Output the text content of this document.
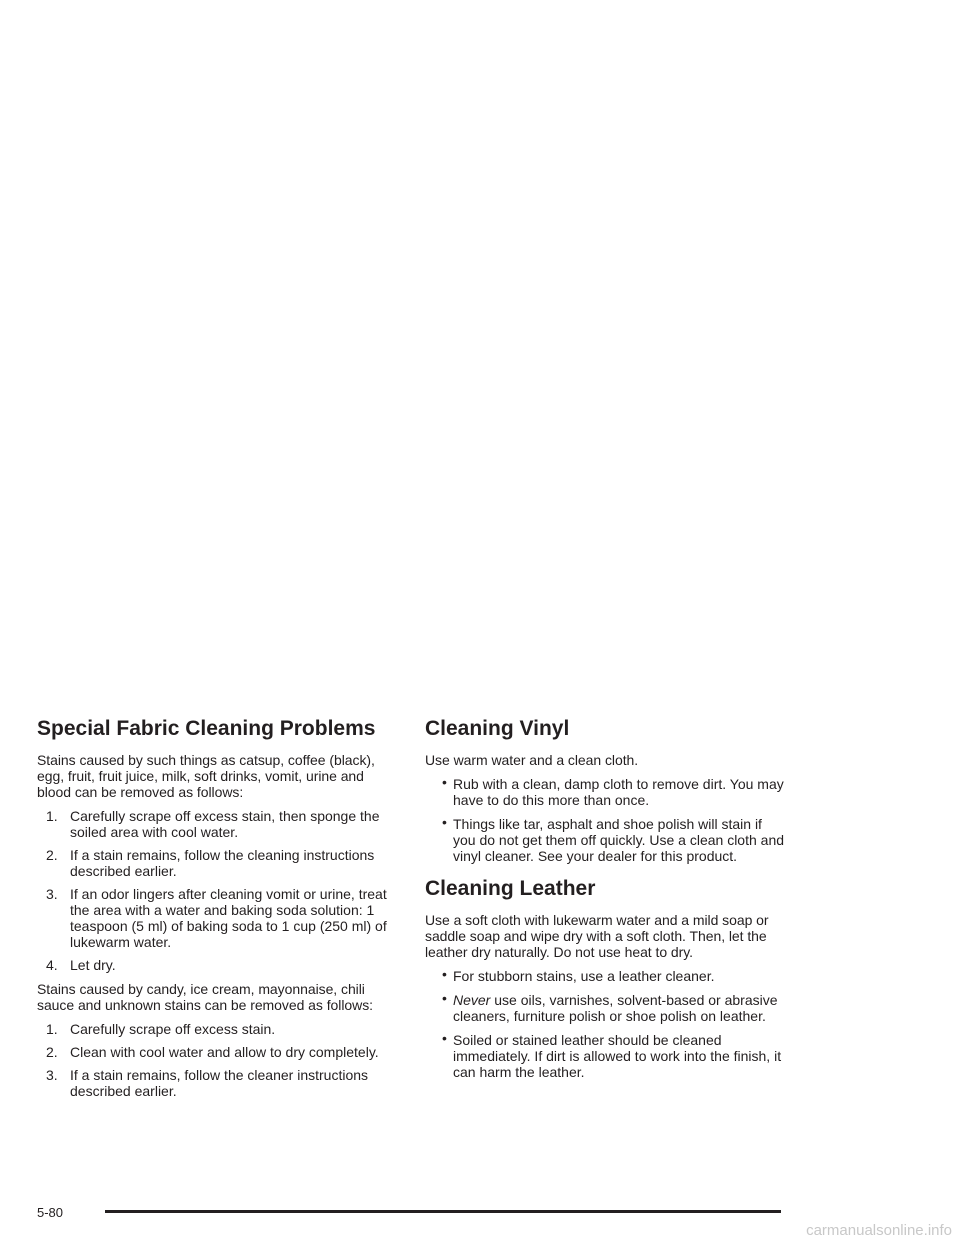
Special Fabric Cleaning Problems

Stains caused by such things as catsup, coffee (black), egg, fruit, fruit juice, milk, soft drinks, vomit, urine and blood can be removed as follows:

1. Carefully scrape off excess stain, then sponge the soiled area with cool water.
2. If a stain remains, follow the cleaning instructions described earlier.
3. If an odor lingers after cleaning vomit or urine, treat the area with a water and baking soda solution: 1 teaspoon (5 ml) of baking soda to 1 cup (250 ml) of lukewarm water.
4. Let dry.

Stains caused by candy, ice cream, mayonnaise, chili sauce and unknown stains can be removed as follows:

1. Carefully scrape off excess stain.
2. Clean with cool water and allow to dry completely.
3. If a stain remains, follow the cleaner instructions described earlier.
Cleaning Vinyl

Use warm water and a clean cloth.

• Rub with a clean, damp cloth to remove dirt. You may have to do this more than once.
• Things like tar, asphalt and shoe polish will stain if you do not get them off quickly. Use a clean cloth and vinyl cleaner. See your dealer for this product.
Cleaning Leather

Use a soft cloth with lukewarm water and a mild soap or saddle soap and wipe dry with a soft cloth. Then, let the leather dry naturally. Do not use heat to dry.

• For stubborn stains, use a leather cleaner.
• Never use oils, varnishes, solvent-based or abrasive cleaners, furniture polish or shoe polish on leather.
• Soiled or stained leather should be cleaned immediately. If dirt is allowed to work into the finish, it can harm the leather.
5-80
carmanualsonline.info
